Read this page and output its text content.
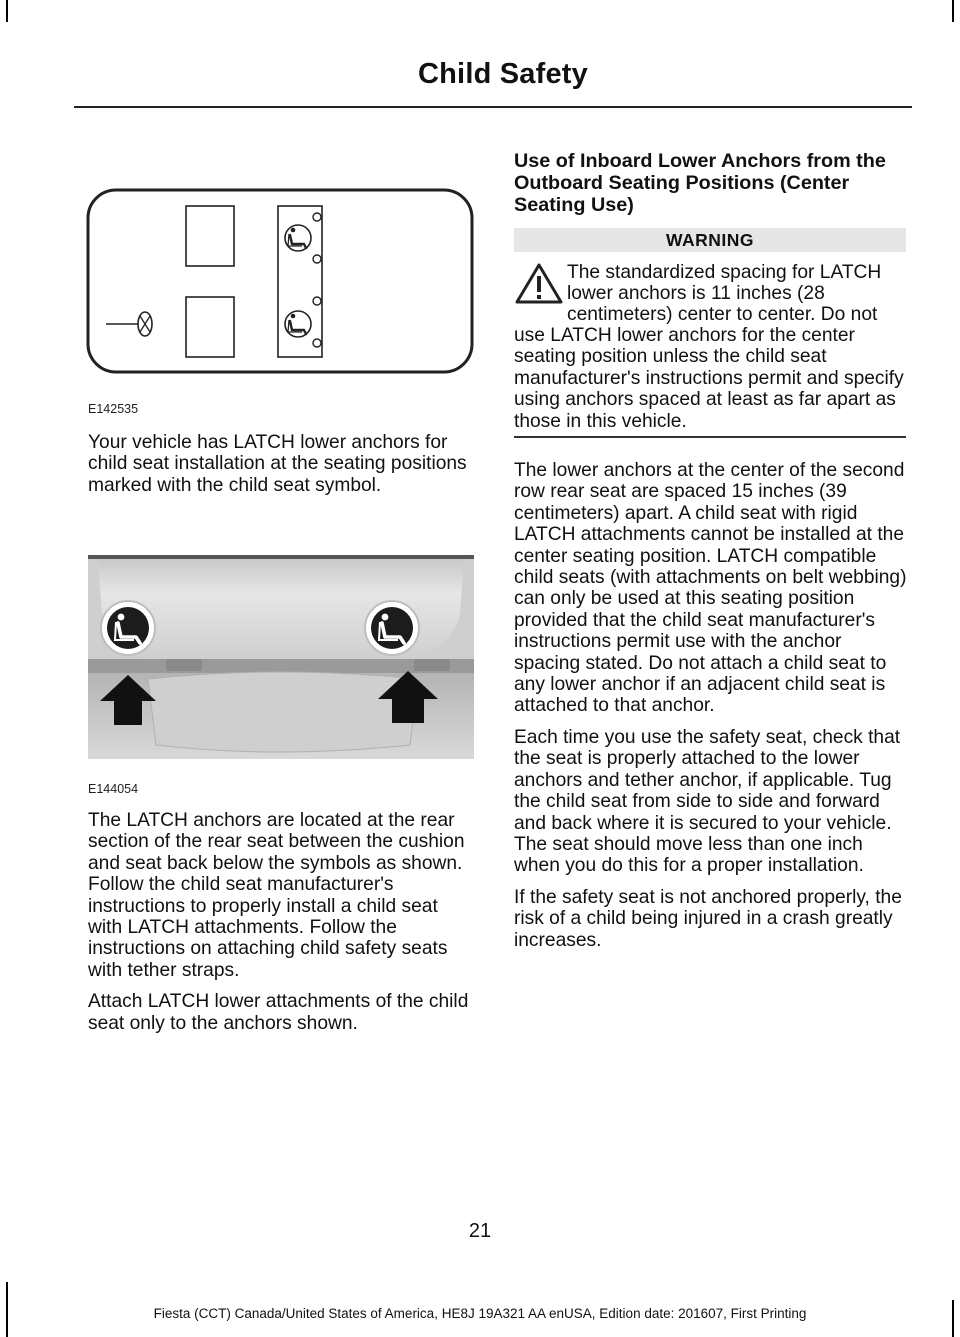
Child Safety
E142535

Your vehicle has LATCH lower anchors for child seat installation at the seating positions marked with the child seat symbol.

E144054

The LATCH anchors are located at the rear section of the rear seat between the cushion and seat back below the symbols as shown. Follow the child seat manufacturer's instructions to properly install a child seat with LATCH attachments. Follow the instructions on attaching child safety seats with tether straps.

Attach LATCH lower attachments of the child seat only to the anchors shown.

Use of Inboard Lower Anchors from the Outboard Seating Positions (Center Seating Use)

WARNING
The standardized spacing for LATCH
lower anchors is 11 inches (28
centimeters) center to center. Do not

use LATCH lower anchors for the center seating position unless the child seat manufacturer's instructions permit and specify using anchors spaced at least as far apart as those in this vehicle.

The lower anchors at the center of the second row rear seat are spaced 15 inches (39 centimeters) apart. A child seat with rigid LATCH attachments cannot be installed at the center seating position. LATCH compatible child seats (with attachments on belt webbing) can only be used at this seating position provided that the child seat manufacturer's instructions permit use with the anchor spacing stated. Do not attach a child seat to any lower anchor if an adjacent child seat is attached to that anchor.

Each time you use the safety seat, check that the seat is properly attached to the lower anchors and tether anchor, if applicable. Tug the child seat from side to side and forward and back where it is secured to your vehicle. The seat should move less than one inch when you do this for a proper installation.

If the safety seat is not anchored properly, the risk of a child being injured in a crash greatly increases.

21
Fiesta (CCT) Canada/United States of America, HE8J 19A321 AA enUSA, Edition date: 201607, First Printing
